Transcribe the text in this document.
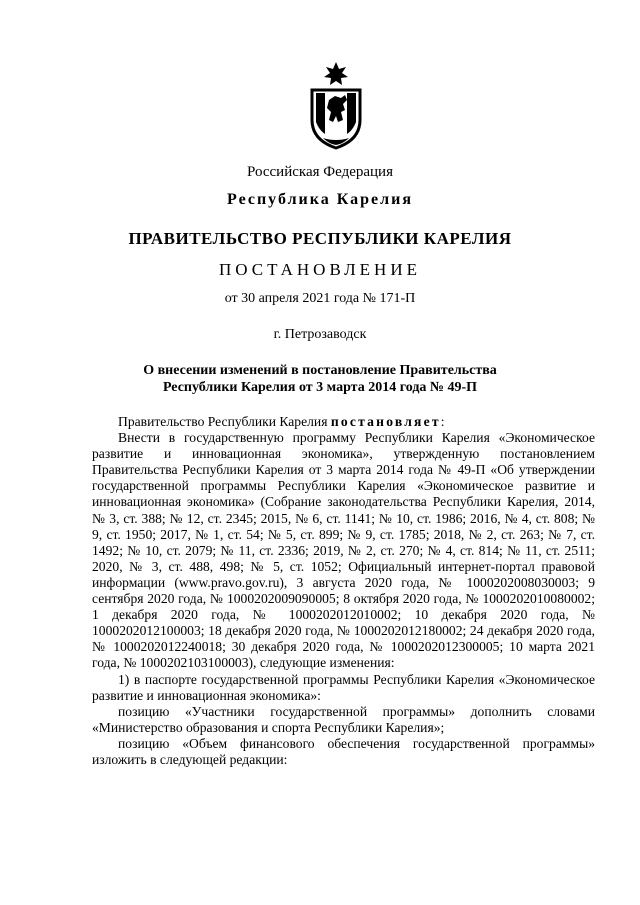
Российская Федерация
Республика Карелия
ПРАВИТЕЛЬСТВО РЕСПУБЛИКИ КАРЕЛИЯ
ПОСТАНОВЛЕНИЕ
от 30 апреля 2021 года № 171-П
г. Петрозаводск
О внесении изменений в постановление Правительства
Республики Карелия от 3 марта 2014 года № 49-П

Правительство Республики Карелия постановляет:

Внести в государственную программу Республики Карелия «Экономическое развитие и инновационная экономика», утвержденную постановлением Правительства Республики Карелия от 3 марта 2014 года № 49-П «Об утверждении государственной программы Республики Карелия «Экономическое развитие и инновационная экономика» (Собрание законодательства Республики Карелия, 2014, № 3, ст. 388; № 12, ст. 2345; 2015, № 6, ст. 1141; № 10, ст. 1986; 2016, № 4, ст. 808; № 9, ст. 1950; 2017, № 1, ст. 54; № 5, ст. 899; № 9, ст. 1785; 2018, № 2, ст. 263; № 7, ст. 1492; № 10, ст. 2079; № 11, ст. 2336; 2019, № 2, ст. 270; № 4, ст. 814; № 11, ст. 2511; 2020, № 3, ст. 488, 498; № 5, ст. 1052; Официальный интернет-портал правовой информации (www.pravo.gov.ru), 3 августа 2020 года, № 1000202008030003; 9 сентября 2020 года, № 1000202009090005; 8 октября 2020 года, № 1000202010080002; 1 декабря 2020 года, № 1000202012010002; 10 декабря 2020 года, № 1000202012100003; 18 декабря 2020 года, № 1000202012180002; 24 декабря 2020 года, № 1000202012240018; 30 декабря 2020 года, № 1000202012300005; 10 марта 2021 года, № 1000202103100003), следующие изменения:

1) в паспорте государственной программы Республики Карелия «Экономическое развитие и инновационная экономика»:

позицию «Участники государственной программы» дополнить словами «Министерство образования и спорта Республики Карелия»;

позицию «Объем финансового обеспечения государственной программы» изложить в следующей редакции:
